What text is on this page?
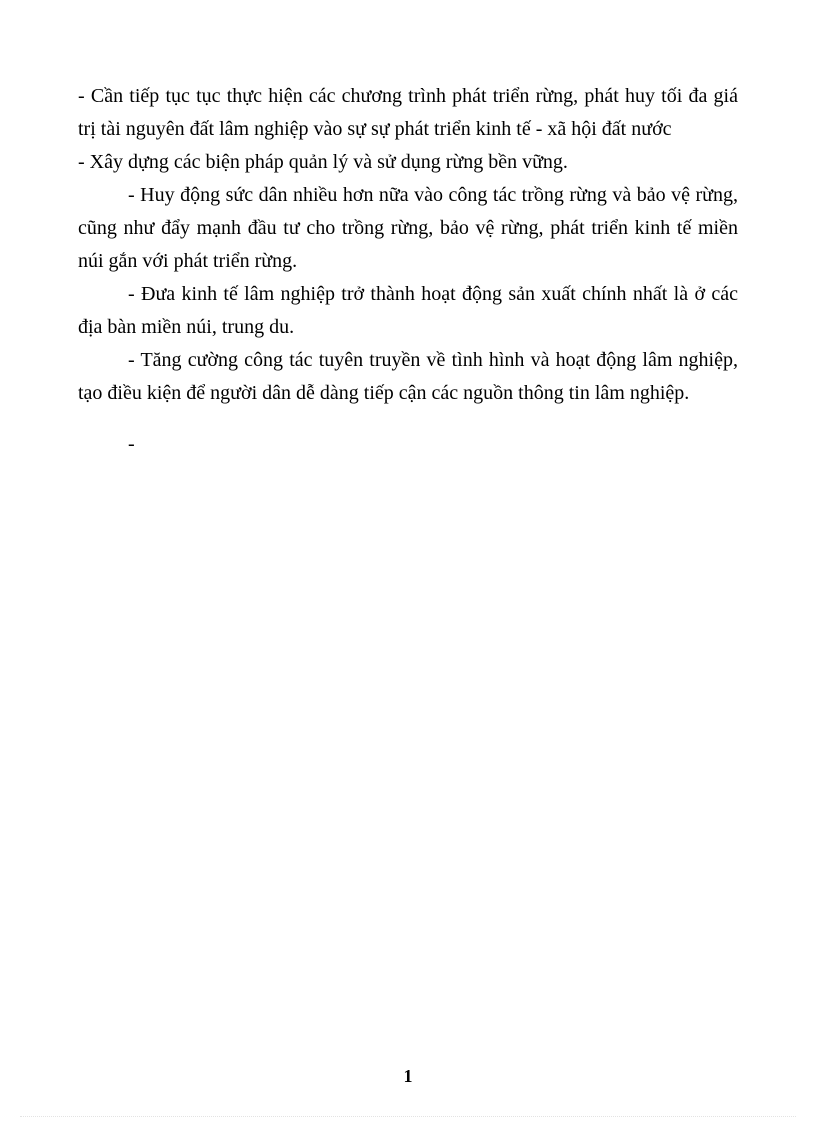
- Cần tiếp tục tục thực hiện các chương trình phát triển rừng, phát huy tối đa giá trị tài nguyên đất lâm nghiệp vào sự sự phát triển kinh tế - xã hội đất nước

- Xây dựng các biện pháp quản lý và sử dụng rừng bền vững.

- Huy động sức dân nhiều hơn nữa vào công tác trồng rừng và bảo vệ rừng, cũng như đẩy mạnh đầu tư cho trồng rừng, bảo vệ rừng, phát triển kinh tế miền núi gắn với phát triển rừng.

- Đưa kinh tế lâm nghiệp trở thành hoạt động sản xuất chính nhất là ở các địa bàn miền núi, trung du.

- Tăng cường công tác tuyên truyền về tình hình và hoạt động lâm nghiệp, tạo điều kiện để người dân dễ dàng tiếp cận các nguồn thông tin lâm nghiệp.

-

1
